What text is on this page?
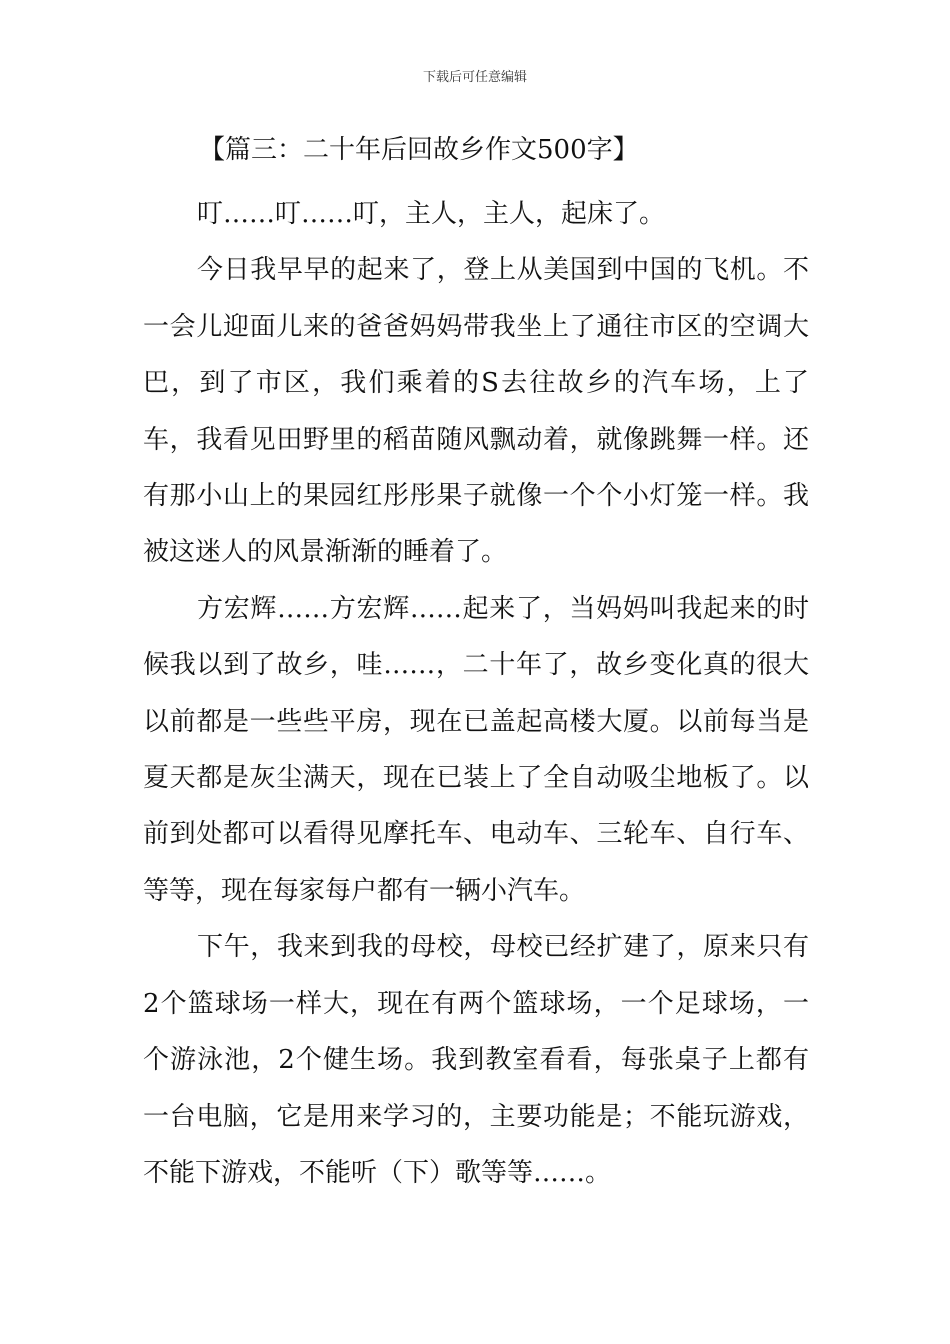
下载后可任意编辑
【篇三：二十年后回故乡作文500字】

叮……叮……叮，主人，主人，起床了。

今日我早早的起来了，登上从美国到中国的飞机。不一会儿迎面儿来的爸爸妈妈带我坐上了通往市区的空调大巴，到了市区，我们乘着的S去往故乡的汽车场，上了车，我看见田野里的稻苗随风飘动着，就像跳舞一样。还有那小山上的果园红彤彤果子就像一个个小灯笼一样。我被这迷人的风景渐渐的睡着了。

方宏辉……方宏辉……起来了，当妈妈叫我起来的时候我以到了故乡，哇……，二十年了，故乡变化真的很大以前都是一些些平房，现在已盖起高楼大厦。以前每当是夏天都是灰尘满天，现在已装上了全自动吸尘地板了。以前到处都可以看得见摩托车、电动车、三轮车、自行车、等等，现在每家每户都有一辆小汽车。

下午，我来到我的母校，母校已经扩建了，原来只有2个篮球场一样大，现在有两个篮球场，一个足球场，一个游泳池，2个健生场。我到教室看看，每张桌子上都有一台电脑，它是用来学习的，主要功能是；不能玩游戏，不能下游戏，不能听（下）歌等等……。
